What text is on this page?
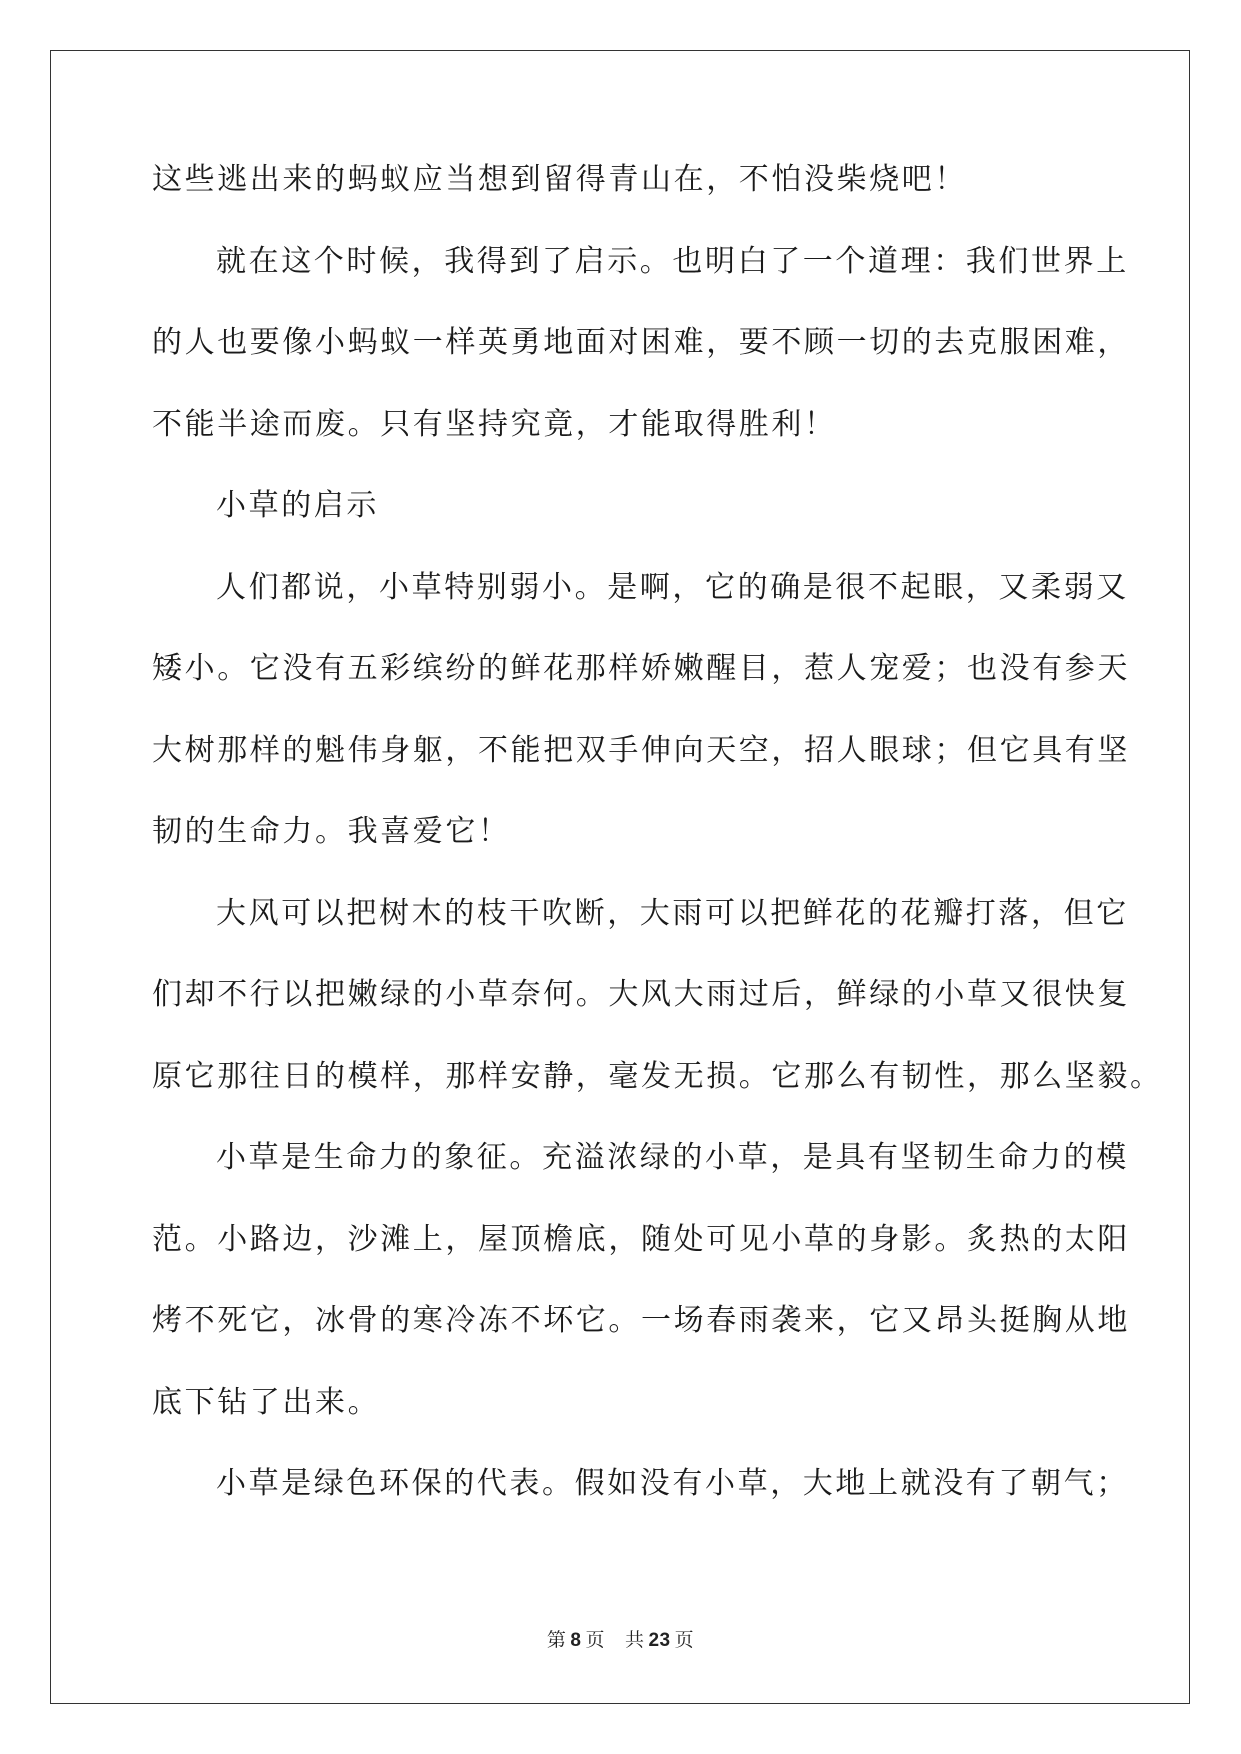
这些逃出来的蚂蚁应当想到留得青山在，不怕没柴烧吧！
就在这个时候，我得到了启示。也明白了一个道理：我们世界上
的人也要像小蚂蚁一样英勇地面对困难，要不顾一切的去克服困难，
不能半途而废。只有坚持究竟，才能取得胜利！
小草的启示
人们都说，小草特别弱小。是啊，它的确是很不起眼，又柔弱又
矮小。它没有五彩缤纷的鲜花那样娇嫩醒目，惹人宠爱；也没有参天
大树那样的魁伟身躯，不能把双手伸向天空，招人眼球；但它具有坚
韧的生命力。我喜爱它！
大风可以把树木的枝干吹断，大雨可以把鲜花的花瓣打落，但它
们却不行以把嫩绿的小草奈何。大风大雨过后，鲜绿的小草又很快复
原它那往日的模样，那样安静，毫发无损。它那么有韧性，那么坚毅。
小草是生命力的象征。充溢浓绿的小草，是具有坚韧生命力的模
范。小路边，沙滩上，屋顶檐底，随处可见小草的身影。炙热的太阳
烤不死它，冰骨的寒冷冻不坏它。一场春雨袭来，它又昂头挺胸从地
底下钻了出来。
小草是绿色环保的代表。假如没有小草，大地上就没有了朝气；
第 8 页 共 23 页
